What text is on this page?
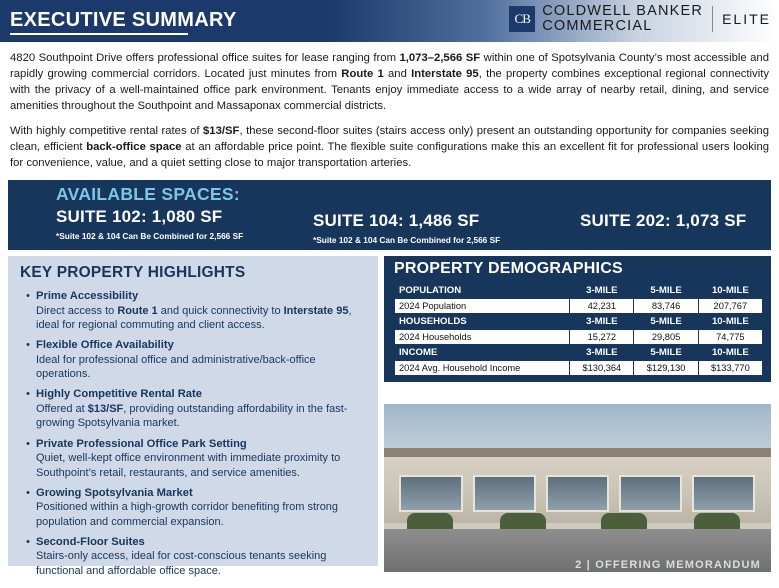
EXECUTIVE SUMMARY	CB COLDWELL BANKER
COMMERCIAL	ELITE

4820 Southpoint Drive offers professional office suites for lease ranging from 1,073–2,566 SF within one of Spotsylvania County’s most accessible and rapidly growing commercial corridors. Located just minutes from Route 1 and Interstate 95, the property combines exceptional regional connectivity with the privacy of a well-maintained office park environment. Tenants enjoy immediate access to a wide array of nearby retail, dining, and service amenities throughout the Southpoint and Massaponax commercial districts.

With highly competitive rental rates of $13/SF, these second-floor suites (stairs access only) present an outstanding opportunity for companies seeking clean, efficient back-office space at an affordable price point. The flexible suite configurations make this an excellent fit for professional users looking for convenience, value, and a quiet setting close to major transportation arteries.

AVAILABLE SPACES:
SUITE 102: 1,080 SF
*Suite 102 & 104 Can Be Combined for 2,566 SF
SUITE 104: 1,486 SF
*Suite 102 & 104 Can Be Combined for 2,566 SF
SUITE 202: 1,073 SF
KEY PROPERTY HIGHLIGHTS
• Prime Accessibility
Direct access to Route 1 and quick connectivity to Interstate 95, ideal for regional commuting and client access.
• Flexible Office Availability
Ideal for professional office and administrative/back-office operations.
• Highly Competitive Rental Rate
Offered at $13/SF, providing outstanding affordability in the fast-growing Spotsylvania market.
• Private Professional Office Park Setting
Quiet, well-kept office environment with immediate proximity to Southpoint’s retail, restaurants, and service amenities.
• Growing Spotsylvania Market
Positioned within a high-growth corridor benefiting from strong population and commercial expansion.
• Second-Floor Suites
Stairs-only access, ideal for cost-conscious tenants seeking functional and affordable office space.
PROPERTY DEMOGRAPHICS
POPULATION	3-MILE	5-MILE	10-MILE
2024 Population	42,231	83,746	207,767
HOUSEHOLDS	3-MILE	5-MILE	10-MILE
2024 Households	15,272	29,805	74,775
INCOME	3-MILE	5-MILE	10-MILE
2024 Avg. Household Income	$130,364	$129,130	$133,770
2 | OFFERING MEMORANDUM
